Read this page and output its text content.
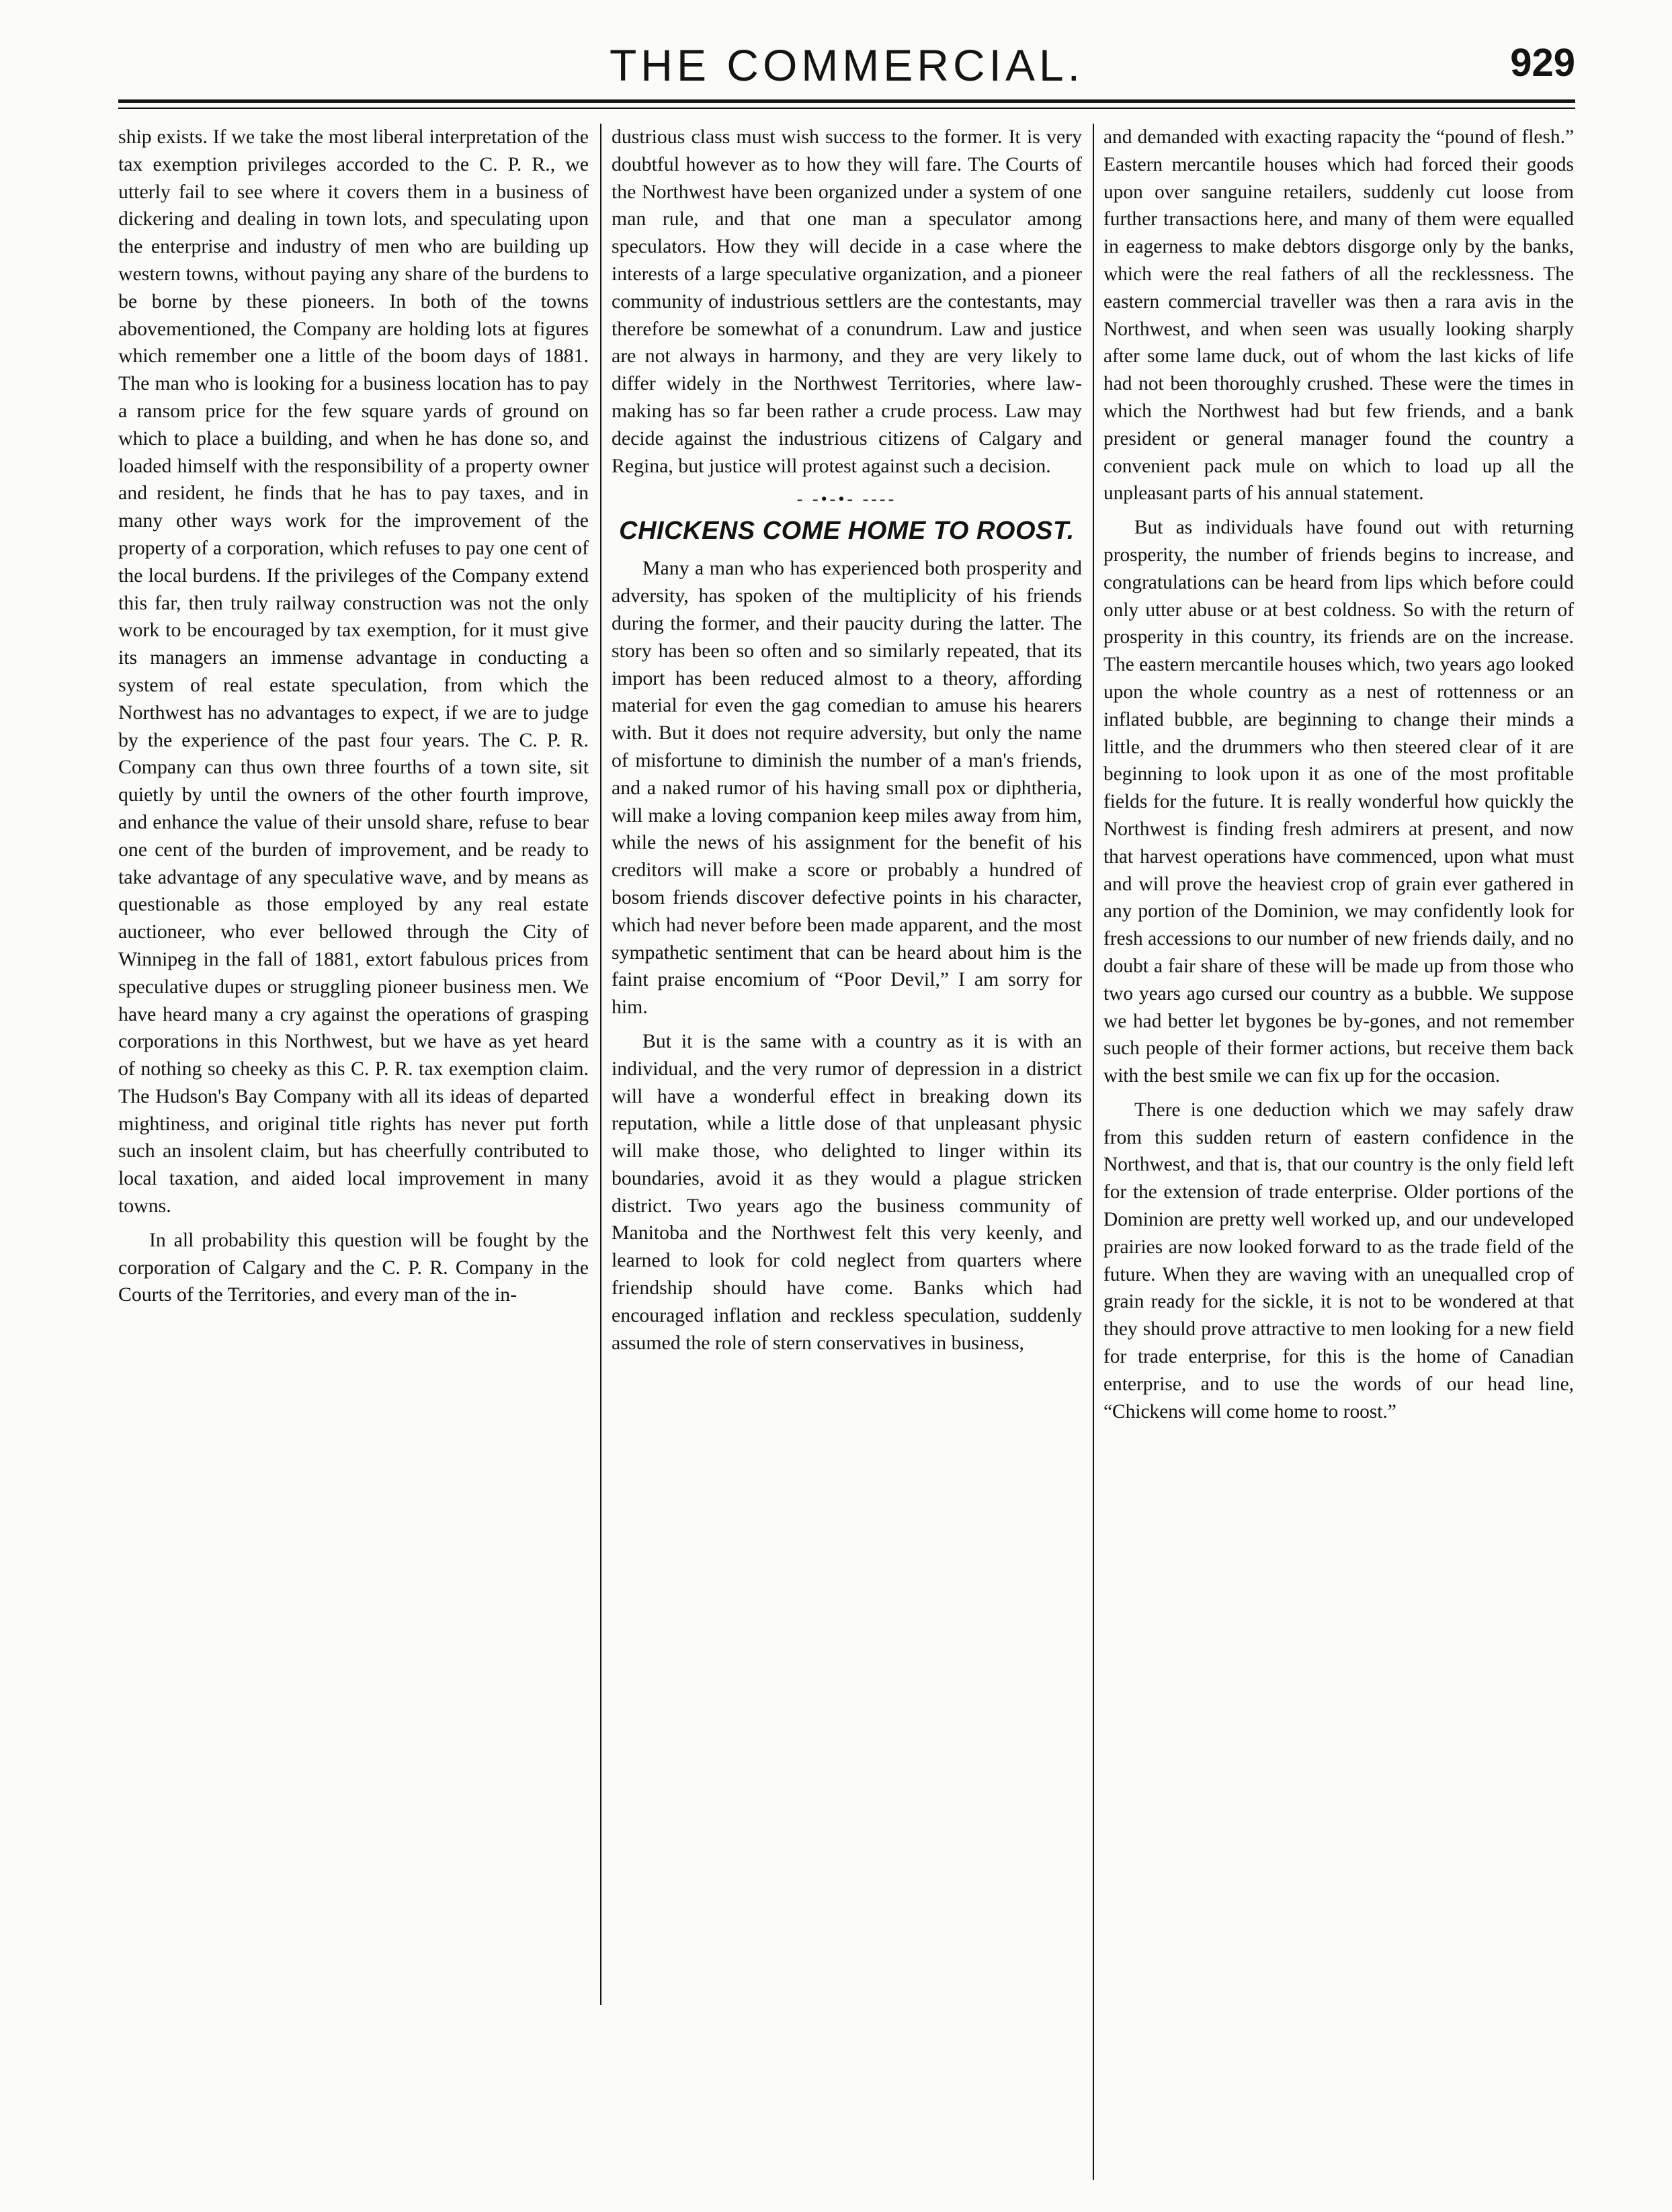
THE COMMERCIAL.	929

ship exists. If we take the most liberal interpretation of the tax exemption privileges accorded to the C. P. R., we utterly fail to see where it covers them in a business of dickering and dealing in town lots, and speculating upon the enterprise and industry of men who are building up western towns, without paying any share of the burdens to be borne by these pioneers. In both of the towns abovementioned, the Company are holding lots at figures which remember one a little of the boom days of 1881. The man who is looking for a business location has to pay a ransom price for the few square yards of ground on which to place a building, and when he has done so, and loaded himself with the responsibility of a property owner and resident, he finds that he has to pay taxes, and in many other ways work for the improvement of the property of a corporation, which refuses to pay one cent of the local burdens. If the privileges of the Company extend this far, then truly railway construction was not the only work to be encouraged by tax exemption, for it must give its managers an immense advantage in conducting a system of real estate speculation, from which the Northwest has no advantages to expect, if we are to judge by the experience of the past four years. The C. P. R. Company can thus own three fourths of a town site, sit quietly by until the owners of the other fourth improve, and enhance the value of their unsold share, refuse to bear one cent of the burden of improvement, and be ready to take advantage of any speculative wave, and by means as questionable as those employed by any real estate auctioneer, who ever bellowed through the City of Winnipeg in the fall of 1881, extort fabulous prices from speculative dupes or struggling pioneer business men. We have heard many a cry against the operations of grasping corporations in this Northwest, but we have as yet heard of nothing so cheeky as this C. P. R. tax exemption claim. The Hudson's Bay Company with all its ideas of departed mightiness, and original title rights has never put forth such an insolent claim, but has cheerfully contributed to local taxation, and aided local improvement in many towns.

In all probability this question will be fought by the corporation of Calgary and the C. P. R. Company in the Courts of the Territories, and every man of the in-

dustrious class must wish success to the former. It is very doubtful however as to how they will fare. The Courts of the Northwest have been organized under a system of one man rule, and that one man a speculator among speculators. How they will decide in a case where the interests of a large speculative organization, and a pioneer community of industrious settlers are the contestants, may therefore be somewhat of a conundrum. Law and justice are not always in harmony, and they are very likely to differ widely in the Northwest Territories, where law-making has so far been rather a crude process. Law may decide against the industrious citizens of Calgary and Regina, but justice will protest against such a decision.

- -•-•- ----
CHICKENS COME HOME TO ROOST.

Many a man who has experienced both prosperity and adversity, has spoken of the multiplicity of his friends during the former, and their paucity during the latter. The story has been so often and so similarly repeated, that its import has been reduced almost to a theory, affording material for even the gag comedian to amuse his hearers with. But it does not require adversity, but only the name of misfortune to diminish the number of a man's friends, and a naked rumor of his having small pox or diphtheria, will make a loving companion keep miles away from him, while the news of his assignment for the benefit of his creditors will make a score or probably a hundred of bosom friends discover defective points in his character, which had never before been made apparent, and the most sympathetic sentiment that can be heard about him is the faint praise encomium of “Poor Devil,” I am sorry for him.

But it is the same with a country as it is with an individual, and the very rumor of depression in a district will have a wonderful effect in breaking down its reputation, while a little dose of that unpleasant physic will make those, who delighted to linger within its boundaries, avoid it as they would a plague stricken district. Two years ago the business community of Manitoba and the Northwest felt this very keenly, and learned to look for cold neglect from quarters where friendship should have come. Banks which had encouraged inflation and reckless speculation, suddenly assumed the role of stern conservatives in business,

and demanded with exacting rapacity the “pound of flesh.” Eastern mercantile houses which had forced their goods upon over sanguine retailers, suddenly cut loose from further transactions here, and many of them were equalled in eagerness to make debtors disgorge only by the banks, which were the real fathers of all the recklessness. The eastern commercial traveller was then a rara avis in the Northwest, and when seen was usually looking sharply after some lame duck, out of whom the last kicks of life had not been thoroughly crushed. These were the times in which the Northwest had but few friends, and a bank president or general manager found the country a convenient pack mule on which to load up all the unpleasant parts of his annual statement.

But as individuals have found out with returning prosperity, the number of friends begins to increase, and congratulations can be heard from lips which before could only utter abuse or at best coldness. So with the return of prosperity in this country, its friends are on the increase. The eastern mercantile houses which, two years ago looked upon the whole country as a nest of rottenness or an inflated bubble, are beginning to change their minds a little, and the drummers who then steered clear of it are beginning to look upon it as one of the most profitable fields for the future. It is really wonderful how quickly the Northwest is finding fresh admirers at present, and now that harvest operations have commenced, upon what must and will prove the heaviest crop of grain ever gathered in any portion of the Dominion, we may confidently look for fresh accessions to our number of new friends daily, and no doubt a fair share of these will be made up from those who two years ago cursed our country as a bubble. We suppose we had better let bygones be by-gones, and not remember such people of their former actions, but receive them back with the best smile we can fix up for the occasion.

There is one deduction which we may safely draw from this sudden return of eastern confidence in the Northwest, and that is, that our country is the only field left for the extension of trade enterprise. Older portions of the Dominion are pretty well worked up, and our undeveloped prairies are now looked forward to as the trade field of the future. When they are waving with an unequalled crop of grain ready for the sickle, it is not to be wondered at that they should prove attractive to men looking for a new field for trade enterprise, for this is the home of Canadian enterprise, and to use the words of our head line, “Chickens will come home to roost.”
